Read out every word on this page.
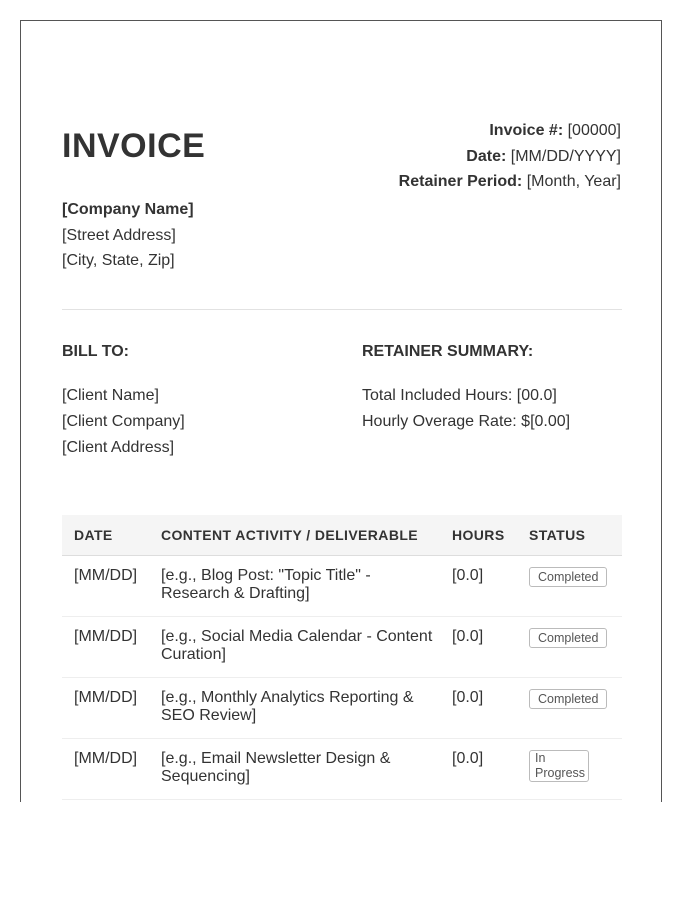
INVOICE	Invoice #: [00000]
Date: [MM/DD/YYYY]
Retainer Period: [Month, Year]
[Company Name]
[Street Address]
[City, State, Zip]
BILL TO:	RETAINER SUMMARY:
[Client Name]
[Client Company]
[Client Address]
Total Included Hours: [00.0]
Hourly Overage Rate: $[0.00]
DATE	CONTENT ACTIVITY / DELIVERABLE	HOURS	STATUS
[MM/DD]	[e.g., Blog Post: "Topic Title" - Research & Drafting]	[0.0]	Completed
[MM/DD]	[e.g., Social Media Calendar - Content Curation]	[0.0]	Completed
[MM/DD]	[e.g., Monthly Analytics Reporting & SEO Review]	[0.0]	Completed
[MM/DD]	[e.g., Email Newsletter Design & Sequencing]	[0.0]	In Progress
